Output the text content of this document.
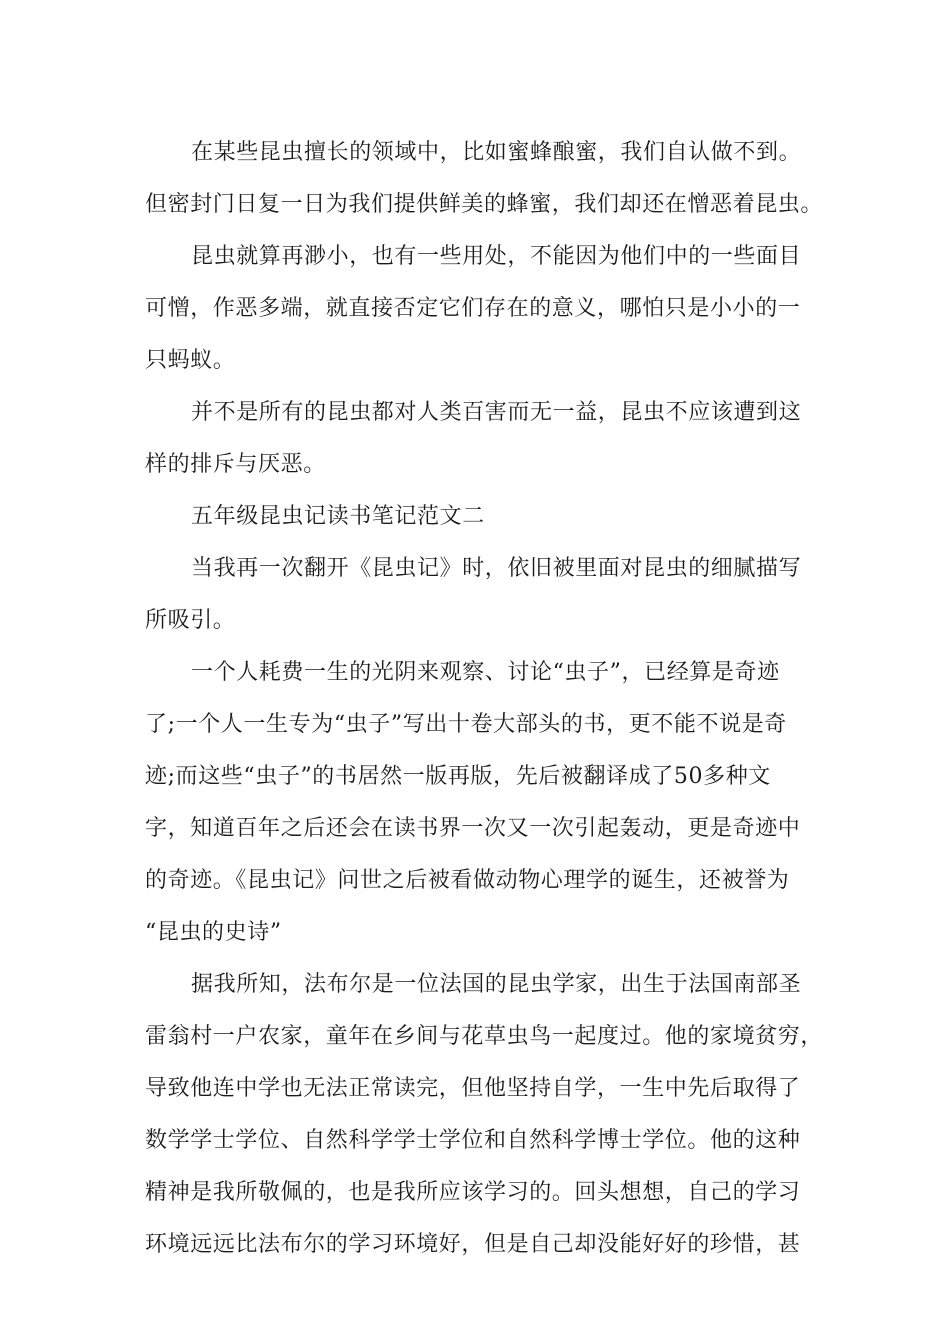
在某些昆虫擅长的领域中，比如蜜蜂酿蜜，我们自认做不到。
但密封门日复一日为我们提供鲜美的蜂蜜，我们却还在憎恶着昆虫。
昆虫就算再渺小，也有一些用处，不能因为他们中的一些面目
可憎，作恶多端，就直接否定它们存在的意义，哪怕只是小小的一
只蚂蚁。
并不是所有的昆虫都对人类百害而无一益，昆虫不应该遭到这
样的排斥与厌恶。
五年级昆虫记读书笔记范文二
当我再一次翻开《昆虫记》时，依旧被里面对昆虫的细腻描写
所吸引。
一个人耗费一生的光阴来观察、讨论“虫子”，已经算是奇迹
了;一个人一生专为“虫子”写出十卷大部头的书，更不能不说是奇
迹;而这些“虫子”的书居然一版再版，先后被翻译成了50多种文
字，知道百年之后还会在读书界一次又一次引起轰动，更是奇迹中
的奇迹。《昆虫记》问世之后被看做动物心理学的诞生，还被誉为
“昆虫的史诗”
据我所知，法布尔是一位法国的昆虫学家，出生于法国南部圣
雷翁村一户农家，童年在乡间与花草虫鸟一起度过。他的家境贫穷，
导致他连中学也无法正常读完，但他坚持自学，一生中先后取得了
数学学士学位、自然科学学士学位和自然科学博士学位。他的这种
精神是我所敬佩的，也是我所应该学习的。回头想想，自己的学习
环境远远比法布尔的学习环境好，但是自己却没能好好的珍惜，甚
